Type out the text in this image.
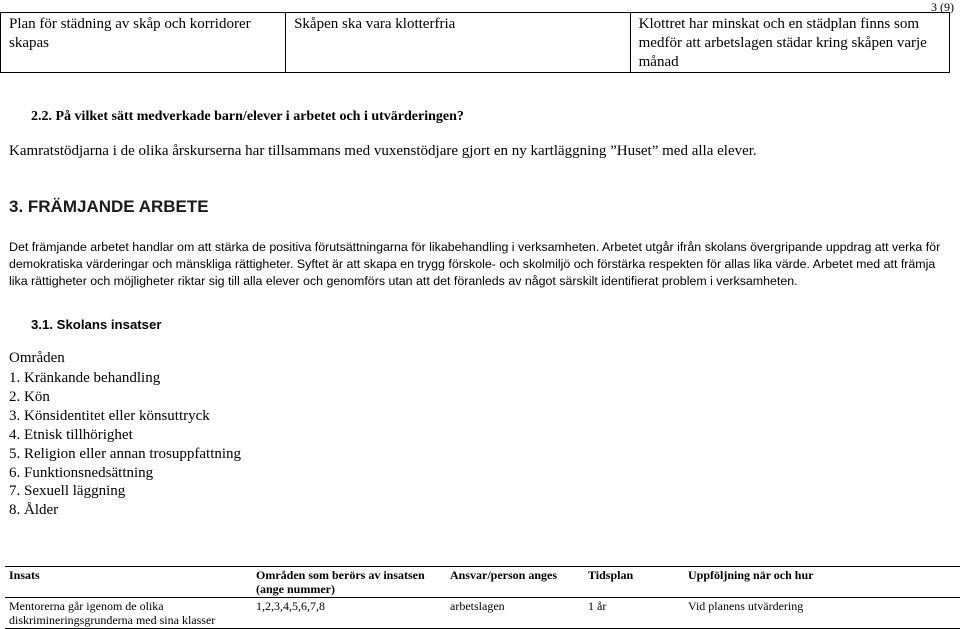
3 (9)
Plan för städning av skåp och korridorer skapas	Skåpen ska vara klotterfria	Klottret har minskat och en städplan finns som medför att arbetslagen städar kring skåpen varje månad
2.2. På vilket sätt medverkade barn/elever i arbetet och i utvärderingen?
Kamratstödjarna i de olika årskurserna har tillsammans med vuxenstödjare gjort en ny kartläggning ”Huset” med alla elever.
3. FRÄMJANDE ARBETE
Det främjande arbetet handlar om att stärka de positiva förutsättningarna för likabehandling i verksamheten. Arbetet utgår ifrån skolans övergripande uppdrag att verka för demokratiska värderingar och mänskliga rättigheter. Syftet är att skapa en trygg förskole- och skolmiljö och förstärka respekten för allas lika värde. Arbetet med att främja lika rättigheter och möjligheter riktar sig till alla elever och genomförs utan att det föranleds av något särskilt identifierat problem i verksamheten.
3.1. Skolans insatser
Områden
1. Kränkande behandling
2. Kön
3. Könsidentitet eller könsuttryck
4. Etnisk tillhörighet
5. Religion eller annan trosuppfattning
6. Funktionsnedsättning
7. Sexuell läggning
8. Ålder
Insats	Områden som berörs av insatsen (ange nummer)	Ansvar/person anges	Tidsplan	Uppföljning när och hur
Mentorerna går igenom de olika diskrimineringsgrunderna med sina klasser	1,2,3,4,5,6,7,8	arbetslagen	1 år	Vid planens utvärdering
